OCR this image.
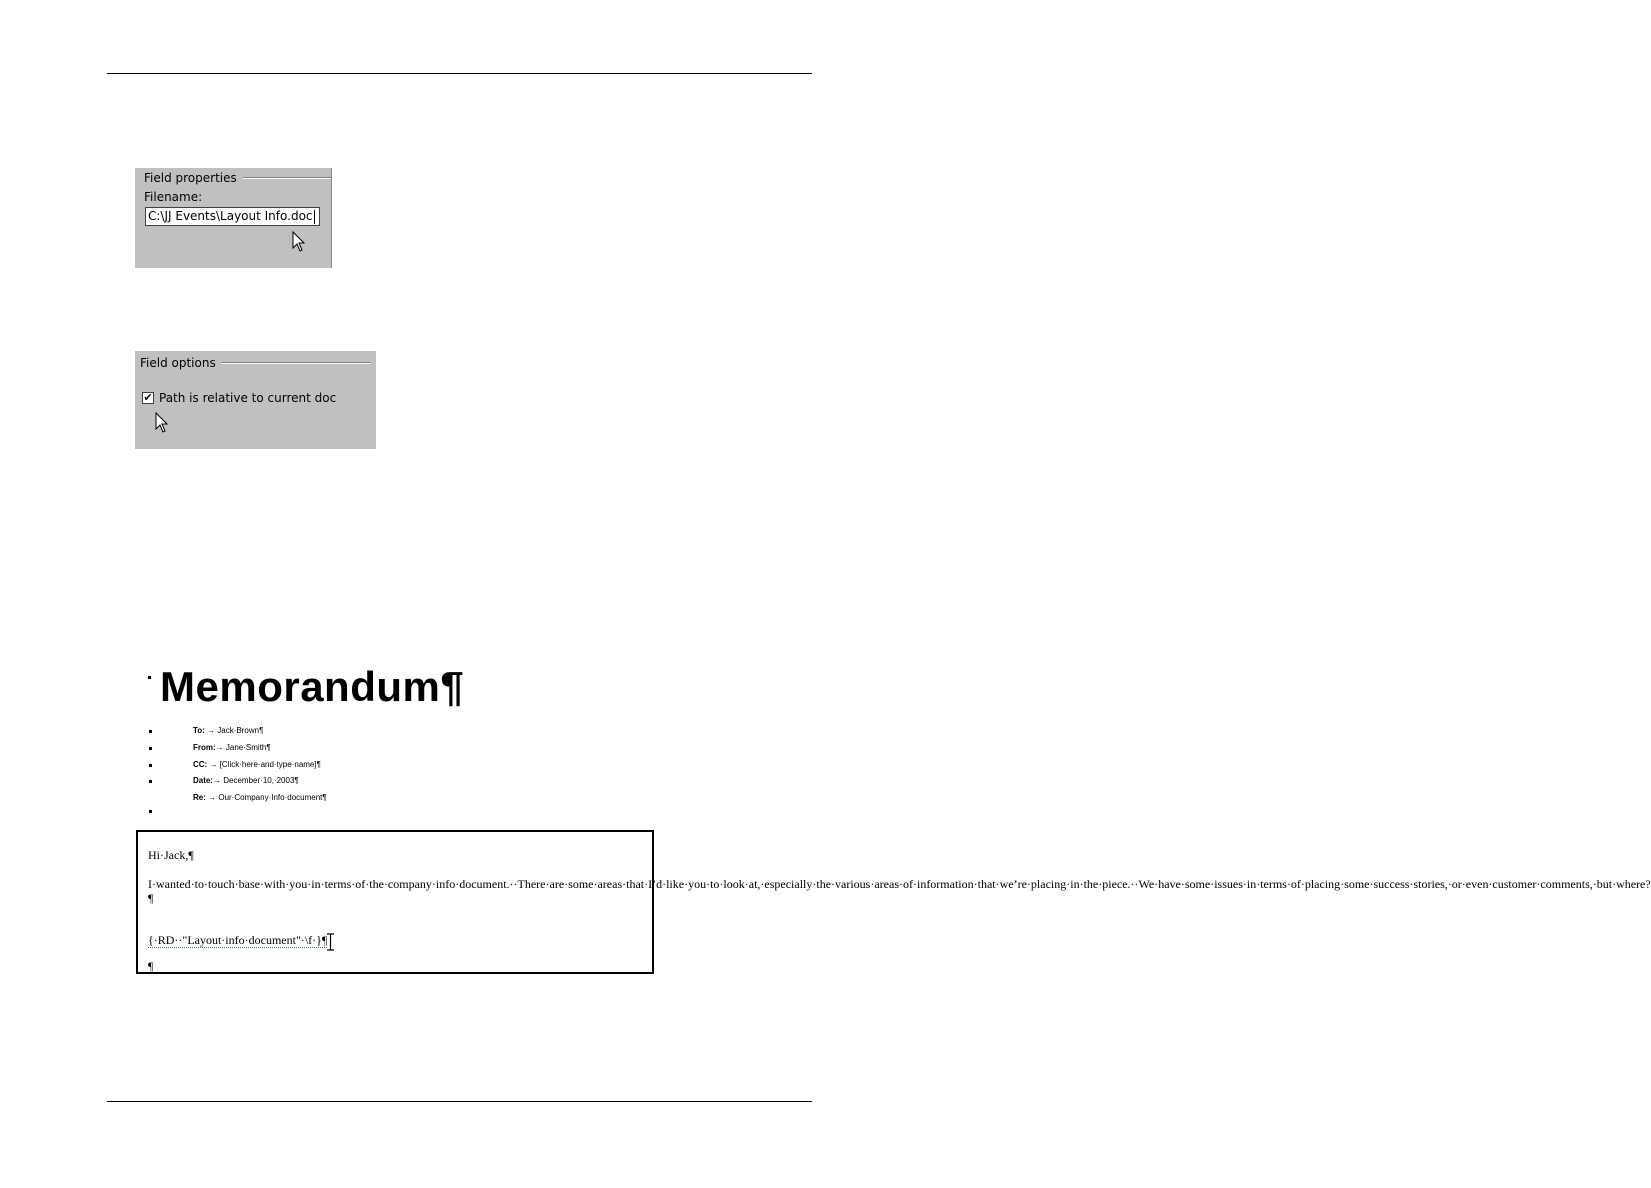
Field properties
Filename:
C:\JJ Events\Layout Info.doc
Field options
✔ Path is relative to current doc
Memorandum¶
To: → Jack·Brown¶
From:→ Jane·Smith¶
CC: → [Click·here·and·type·name]¶
Date:→ December·10,·2003¶
Re: → Our·Company·Info·document¶

Hi·Jack,¶

I·wanted·to·touch·base·with·you·in·terms·of·the·company·info·document.··There·are·some·areas·that·I’d·like·you·to·look·at,·especially·the·various·areas·of·information·that·we’re·placing·in·the·piece.··We·have·some·issues·in·terms·of·placing·some·success·stories,·or·even·customer·comments,·but·where?¶

{·RD··"Layout·info·document"·\f·}¶

¶
